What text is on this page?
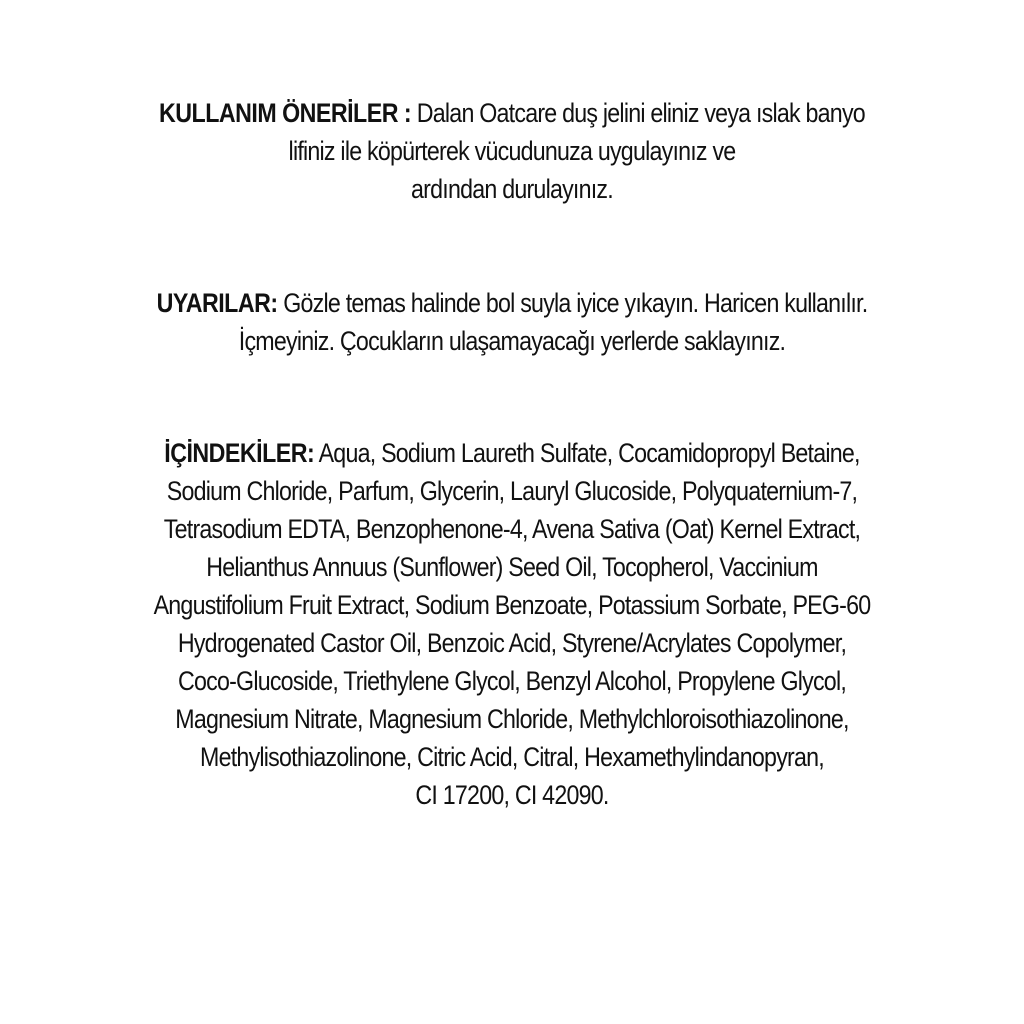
KULLANIM ÖNERİLER : Dalan Oatcare duş jelini eliniz veya ıslak banyo
lifiniz ile köpürterek vücudunuza uygulayınız ve
ardından durulayınız.
UYARILAR: Gözle temas halinde bol suyla iyice yıkayın. Haricen kullanılır.
İçmeyiniz. Çocukların ulaşamayacağı yerlerde saklayınız.
İÇİNDEKİLER: Aqua, Sodium Laureth Sulfate, Cocamidopropyl Betaine,
Sodium Chloride, Parfum, Glycerin, Lauryl Glucoside, Polyquaternium-7,
Tetrasodium EDTA, Benzophenone-4, Avena Sativa (Oat) Kernel Extract,
Helianthus Annuus (Sunflower) Seed Oil, Tocopherol, Vaccinium
Angustifolium Fruit Extract, Sodium Benzoate, Potassium Sorbate, PEG-60
Hydrogenated Castor Oil, Benzoic Acid, Styrene/Acrylates Copolymer,
Coco-Glucoside, Triethylene Glycol, Benzyl Alcohol, Propylene Glycol,
Magnesium Nitrate, Magnesium Chloride, Methylchloroisothiazolinone,
Methylisothiazolinone, Citric Acid, Citral, Hexamethylindanopyran,
CI 17200, CI 42090.
